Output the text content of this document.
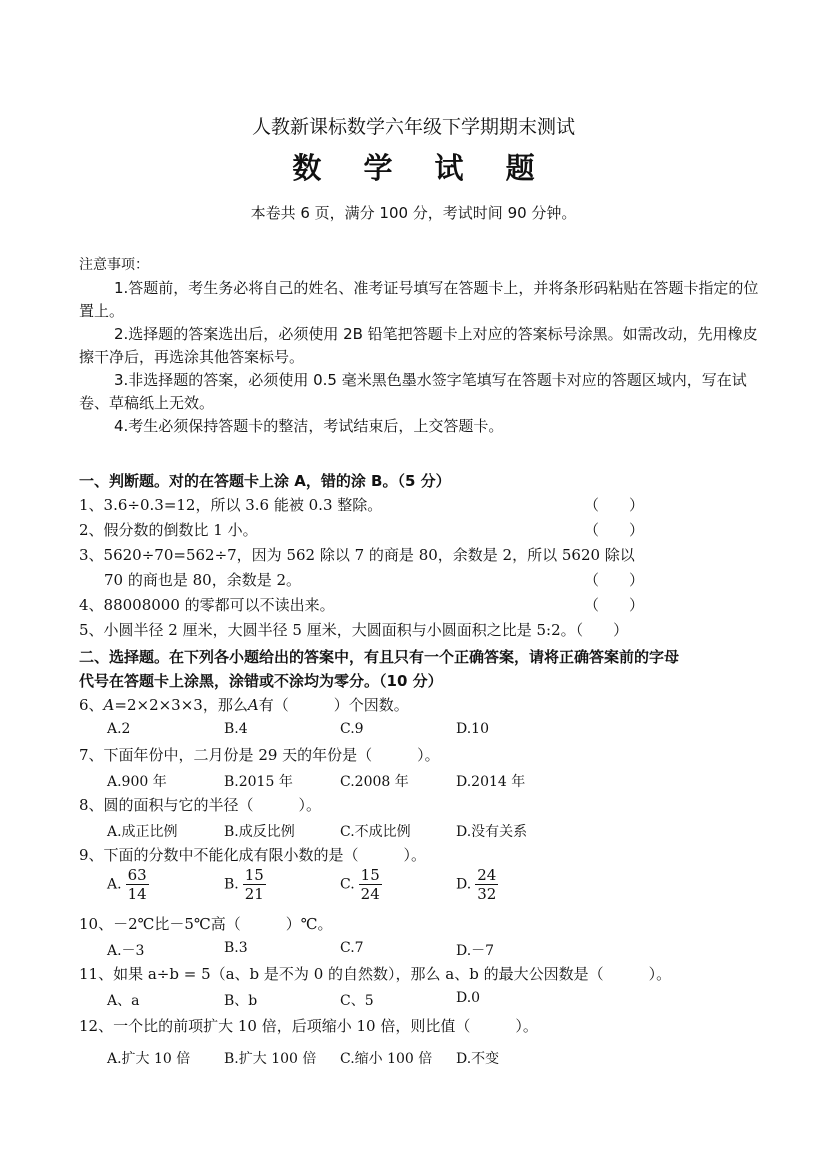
人教新课标数学六年级下学期期末测试
数 学 试 题
本卷共 6 页，满分 100 分，考试时间 90 分钟。

注意事项：

1.答题前，考生务必将自己的姓名、准考证号填写在答题卡上，并将条形码粘贴在答题卡指定的位置上。

2.选择题的答案选出后，必须使用 2B 铅笔把答题卡上对应的答案标号涂黑。如需改动，先用橡皮擦干净后，再选涂其他答案标号。

3.非选择题的答案，必须使用 0.5 毫米黑色墨水签字笔填写在答题卡对应的答题区域内，写在试卷、草稿纸上无效。

4.考生必须保持答题卡的整洁，考试结束后，上交答题卡。

一、判断题。对的在答题卡上涂 A，错的涂 B。（5 分）
1、3.6÷0.3=12，所以 3.6 能被 0.3 整除。	（　　）
2、假分数的倒数比 1 小。	（　　）
3、5620÷70=562÷7，因为 562 除以 7 的商是 80，余数是 2，所以 5620 除以
70 的商也是 80，余数是 2。	（　　）
4、88008000 的零都可以不读出来。	（　　）
5、小圆半径 2 厘米，大圆半径 5 厘米，大圆面积与小圆面积之比是 5:2。（　　）
二、选择题。在下列各小题给出的答案中，有且只有一个正确答案，请将正确答案前的字母
代号在答题卡上涂黑，涂错或不涂均为零分。（10 分）
6、A=2×2×3×3，那么A有（　　　）个因数。
A.2	B.4	C.9	D.10
7、下面年份中，二月份是 29 天的年份是（　　　）。
A.900 年	B.2015 年	C.2008 年	D.2014 年
8、圆的面积与它的半径（　　　）。
A.成正比例	B.成反比例	C.不成比例	D.没有关系
9、下面的分数中不能化成有限小数的是（　　　）。
A. $\frac{63}{14}$	B. $\frac{15}{21}$	C. $\frac{15}{24}$	D. $\frac{24}{32}$
10、－2℃比－5℃高（　　　）℃。
A.－3	B.3	C.7	D.－7
11、如果 a÷b = 5（a、b 是不为 0 的自然数），那么 a、b 的最大公因数是（　　　）。
A、a	B、b	C、5	D.0
12、一个比的前项扩大 10 倍，后项缩小 10 倍，则比值（　　　）。
A.扩大 10 倍 B.扩大 100 倍 C.缩小 100 倍 D.不变
